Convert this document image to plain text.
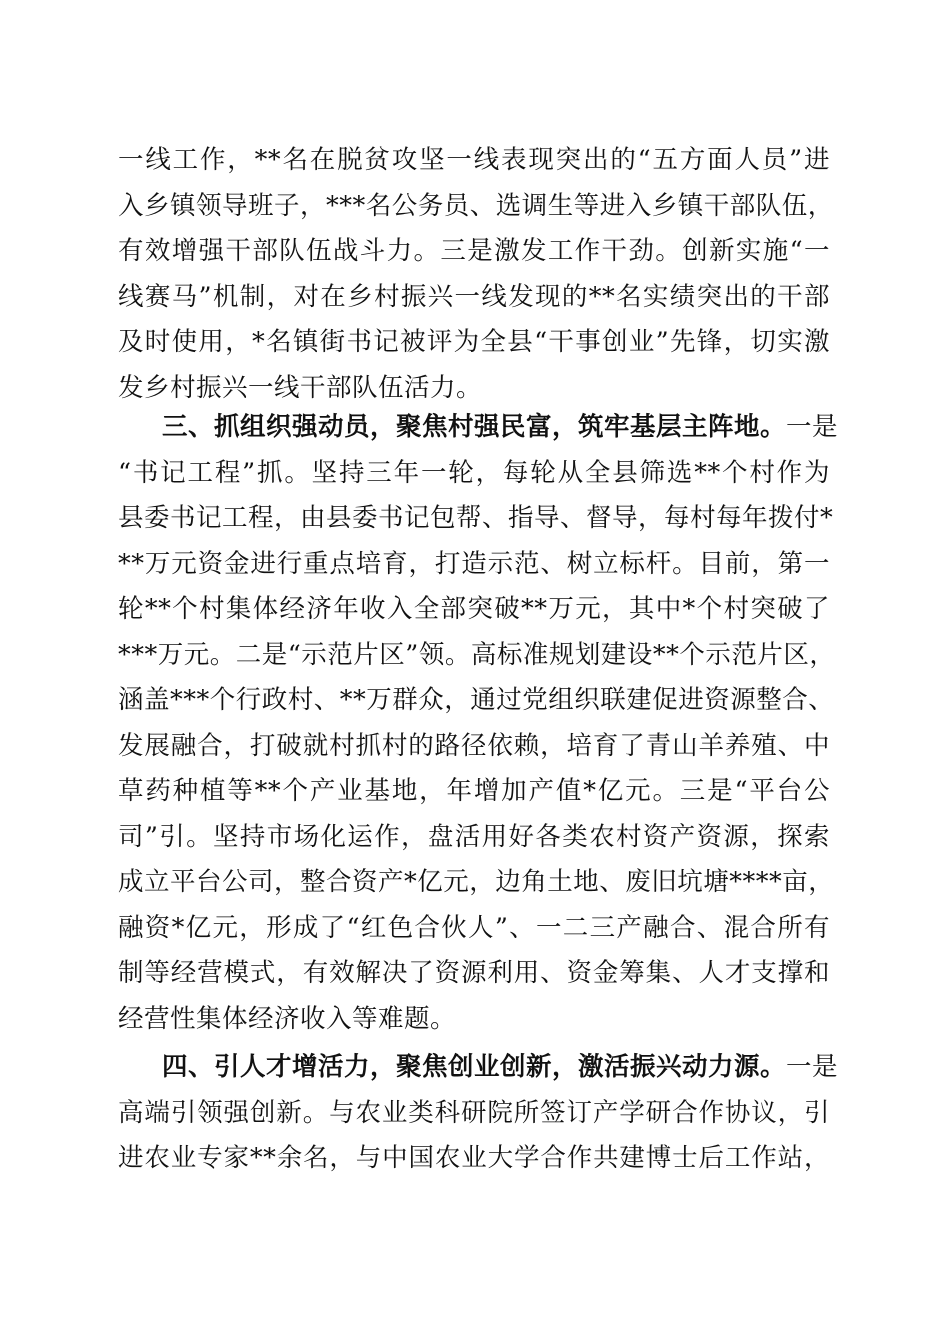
一线工作，**名在脱贫攻坚一线表现突出的“五方面人员”进
入乡镇领导班子，***名公务员、选调生等进入乡镇干部队伍，
有效增强干部队伍战斗力。三是激发工作干劲。创新实施“一
线赛马”机制，对在乡村振兴一线发现的**名实绩突出的干部
及时使用，*名镇街书记被评为全县“干事创业”先锋，切实激
发乡村振兴一线干部队伍活力。
三、抓组织强动员，聚焦村强民富，筑牢基层主阵地。一是
“书记工程”抓。坚持三年一轮，每轮从全县筛选**个村作为
县委书记工程，由县委书记包帮、指导、督导，每村每年拨付*
**万元资金进行重点培育，打造示范、树立标杆。目前，第一
轮**个村集体经济年收入全部突破**万元，其中*个村突破了
***万元。二是“示范片区”领。高标准规划建设**个示范片区，
涵盖***个行政村、**万群众，通过党组织联建促进资源整合、
发展融合，打破就村抓村的路径依赖，培育了青山羊养殖、中
草药种植等**个产业基地，年增加产值*亿元。三是“平台公
司”引。坚持市场化运作，盘活用好各类农村资产资源，探索
成立平台公司，整合资产*亿元，边角土地、废旧坑塘****亩，
融资*亿元，形成了“红色合伙人”、一二三产融合、混合所有
制等经营模式，有效解决了资源利用、资金筹集、人才支撑和
经营性集体经济收入等难题。
四、引人才增活力，聚焦创业创新，激活振兴动力源。一是
高端引领强创新。与农业类科研院所签订产学研合作协议，引
进农业专家**余名，与中国农业大学合作共建博士后工作站，
